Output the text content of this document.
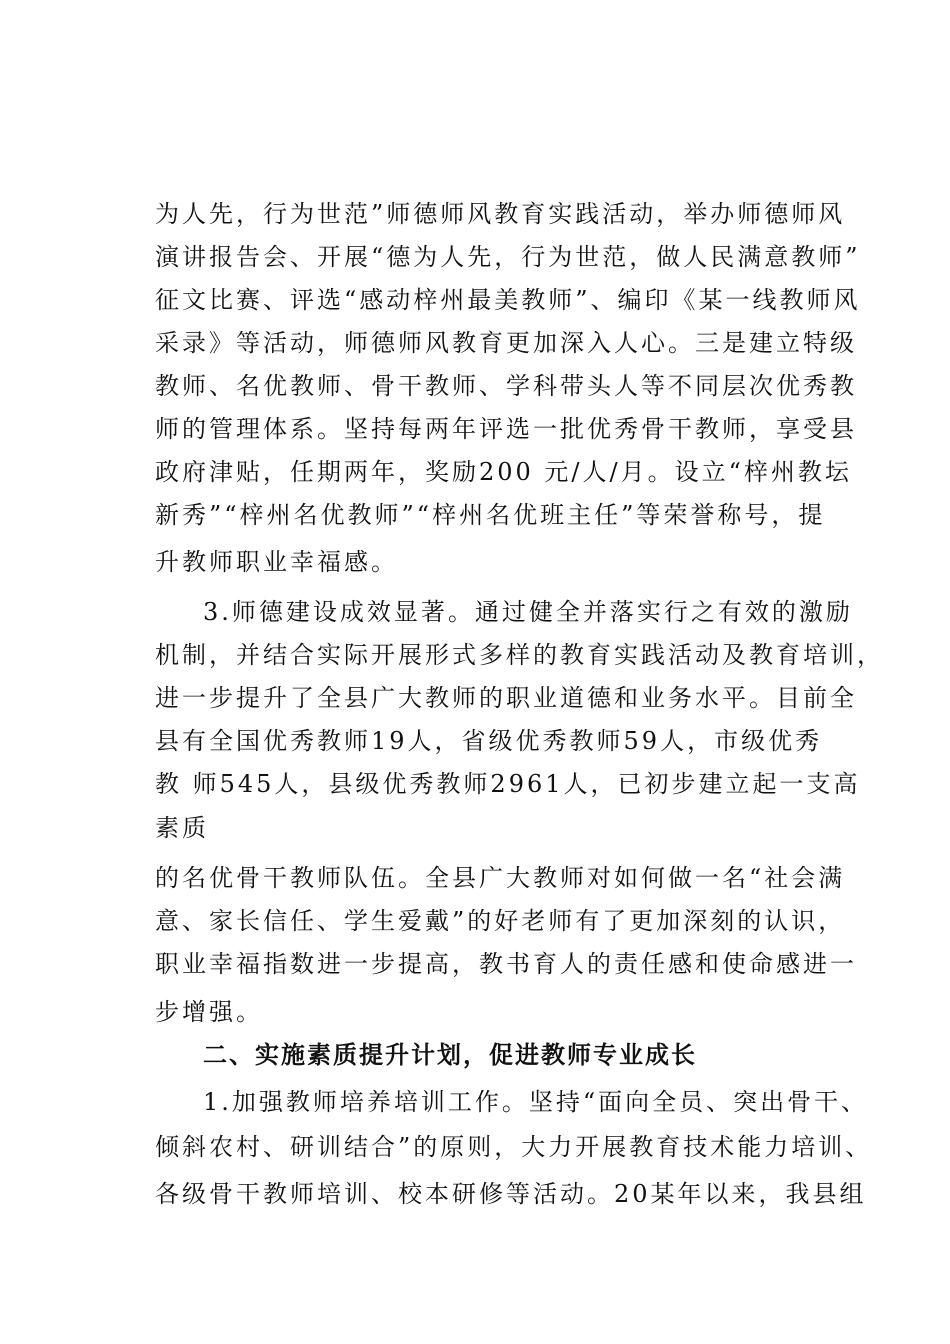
为人先，行为世范”师德师风教育实践活动，举办师德师风
演讲报告会、开展“德为人先，行为世范，做人民满意教师”
征文比赛、评选“感动梓州最美教师”、编印《某一线教师风
采录》等活动，师德师风教育更加深入人心。三是建立特级
教师、名优教师、骨干教师、学科带头人等不同层次优秀教
师的管理体系。坚持每两年评选一批优秀骨干教师，享受县
政府津贴，任期两年，奖励200 元/人/月。设立“梓州教坛
新秀”“梓州名优教师”“梓州名优班主任”等荣誉称号，提
升教师职业幸福感。
3.师德建设成效显著。通过健全并落实行之有效的激励
机制，并结合实际开展形式多样的教育实践活动及教育培训，
进一步提升了全县广大教师的职业道德和业务水平。目前全
县有全国优秀教师19人，省级优秀教师59人，市级优秀
教 师545人，县级优秀教师2961人，已初步建立起一支高
素质
的名优骨干教师队伍。全县广大教师对如何做一名“社会满
意、家长信任、学生爱戴”的好老师有了更加深刻的认识，
职业幸福指数进一步提高，教书育人的责任感和使命感进一
步增强。
二、实施素质提升计划，促进教师专业成长
1.加强教师培养培训工作。坚持“面向全员、突出骨干、
倾斜农村、研训结合”的原则，大力开展教育技术能力培训、
各级骨干教师培训、校本研修等活动。20某年以来，我县组
